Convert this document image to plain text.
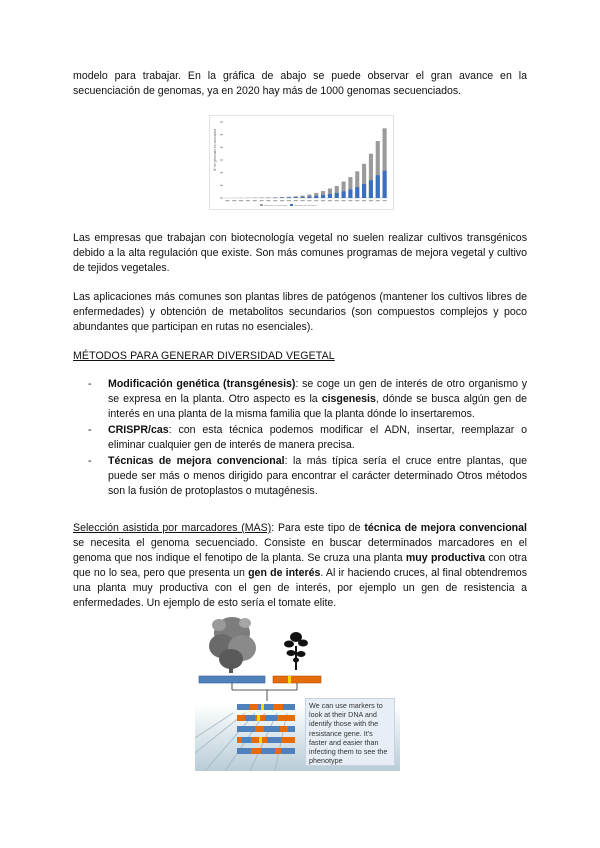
modelo para trabajar. En la gráfica de abajo se puede observar el gran avance en la secuenciación de genomas, ya en 2020 hay más de 1000 genomas secuenciados.

Nº de genomas secuenciados
Genomas secuenciados	Genomas de referencia

Las empresas que trabajan con biotecnología vegetal no suelen realizar cultivos transgénicos debido a la alta regulación que existe. Son más comunes programas de mejora vegetal y cultivo de tejidos vegetales.

Las aplicaciones más comunes son plantas libres de patógenos (mantener los cultivos libres de enfermedades) y obtención de metabolitos secundarios (son compuestos complejos y poco abundantes que participan en rutas no esenciales).

MÉTODOS PARA GENERAR DIVERSIDAD VEGETAL

- Modificación genética (transgénesis): se coge un gen de interés de otro organismo y se expresa en la planta. Otro aspecto es la cisgenesis, dónde se busca algún gen de interés en una planta de la misma familia que la planta dónde lo insertaremos.
- CRISPR/cas: con esta técnica podemos modificar el ADN, insertar, reemplazar o eliminar cualquier gen de interés de manera precisa.
- Técnicas de mejora convencional: la más típica sería el cruce entre plantas, que puede ser más o menos dirigido para encontrar el carácter determinado Otros métodos son la fusión de protoplastos o mutagénesis.

Selección asistida por marcadores (MAS): Para este tipo de técnica de mejora convencional se necesita el genoma secuenciado. Consiste en buscar determinados marcadores en el genoma que nos indique el fenotipo de la planta. Se cruza una planta muy productiva con otra que no lo sea, pero que presenta un gen de interés. Al ir haciendo cruces, al final obtendremos una planta muy productiva con el gen de interés, por ejemplo un gen de resistencia a enfermedades. Un ejemplo de esto sería el tomate elite.

We can use markers to look at their DNA and identify those with the resistance gene. It's faster and easier than infecting them to see the phenotype
